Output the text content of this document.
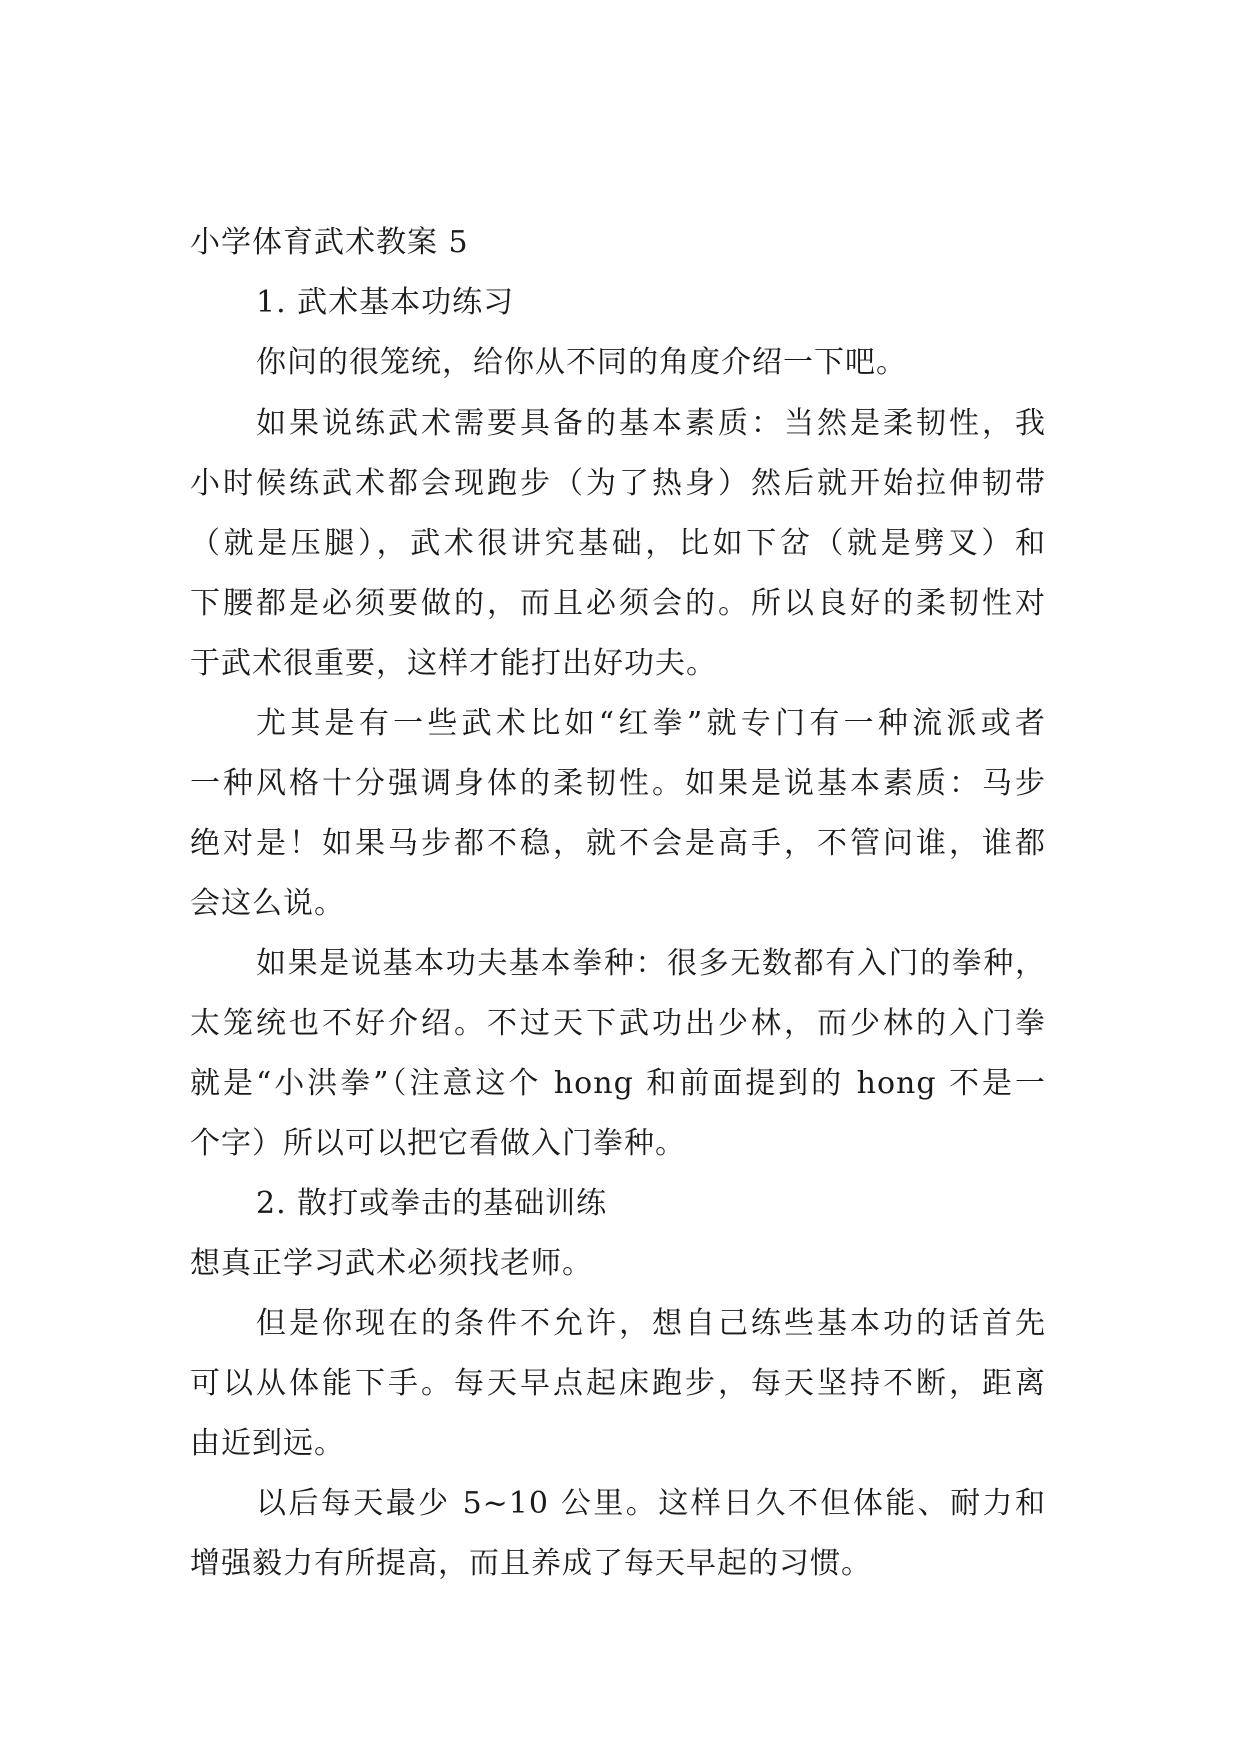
小学体育武术教案 5
1. 武术基本功练习
你问的很笼统，给你从不同的角度介绍一下吧。
如果说练武术需要具备的基本素质：当然是柔韧性，我
小时候练武术都会现跑步（为了热身）然后就开始拉伸韧带
（就是压腿），武术很讲究基础，比如下岔（就是劈叉）和
下腰都是必须要做的，而且必须会的。所以良好的柔韧性对
于武术很重要，这样才能打出好功夫。
尤其是有一些武术比如“红拳”就专门有一种流派或者
一种风格十分强调身体的柔韧性。如果是说基本素质：马步
绝对是！如果马步都不稳，就不会是高手，不管问谁，谁都
会这么说。
如果是说基本功夫基本拳种：很多无数都有入门的拳种，
太笼统也不好介绍。不过天下武功出少林，而少林的入门拳
就是“小洪拳”（注意这个 hong 和前面提到的 hong 不是一
个字）所以可以把它看做入门拳种。
2. 散打或拳击的基础训练
想真正学习武术必须找老师。
但是你现在的条件不允许，想自己练些基本功的话首先
可以从体能下手。每天早点起床跑步，每天坚持不断，距离
由近到远。
以后每天最少 5~10 公里。这样日久不但体能、耐力和
增强毅力有所提高，而且养成了每天早起的习惯。
